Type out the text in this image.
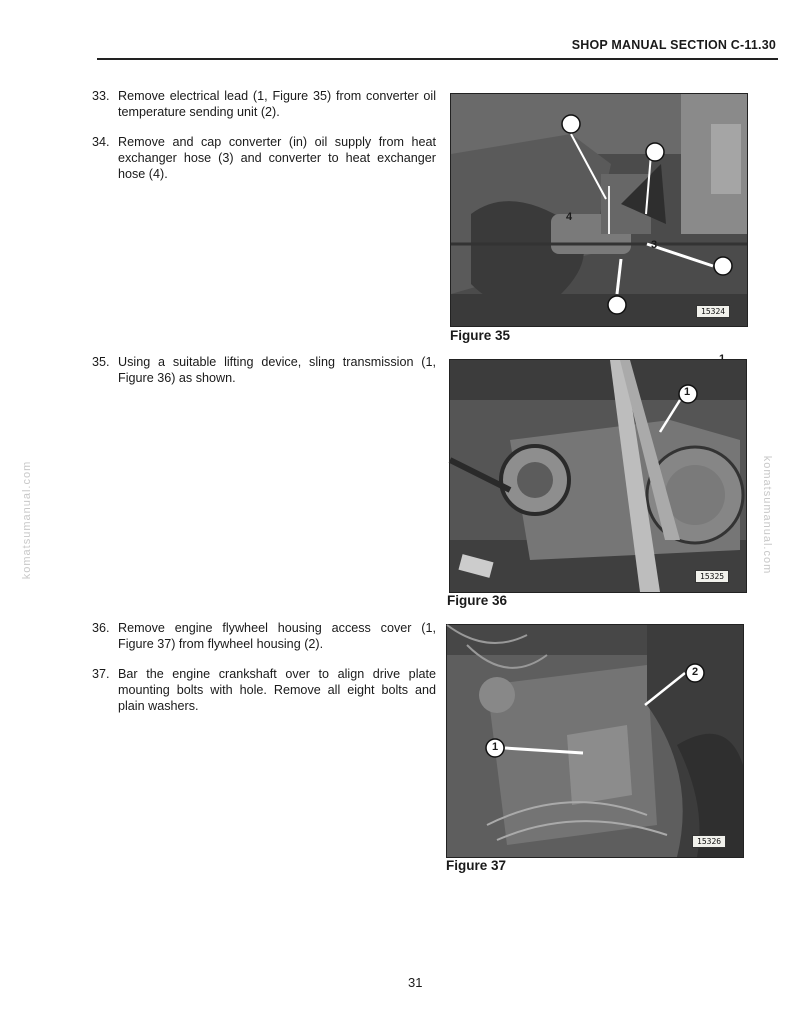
SHOP MANUAL SECTION C-11.30
33. Remove electrical lead (1, Figure 35) from converter oil temperature sending unit (2).
34. Remove and cap converter (in) oil supply from heat exchanger hose (3) and converter to heat exchanger hose (4).
35. Using a suitable lifting device, sling transmission (1, Figure 36) as shown.
36. Remove engine flywheel housing access cover (1, Figure 37) from flywheel housing (2).
37. Bar the engine crankshaft over to align drive plate mounting bolts with hole. Remove all eight bolts and plain washers.
15324
4
3
Figure 35
15325
1
Figure 36
15326
1
2
Figure 37
komatsumanual.com	komatsumanual.com
31
